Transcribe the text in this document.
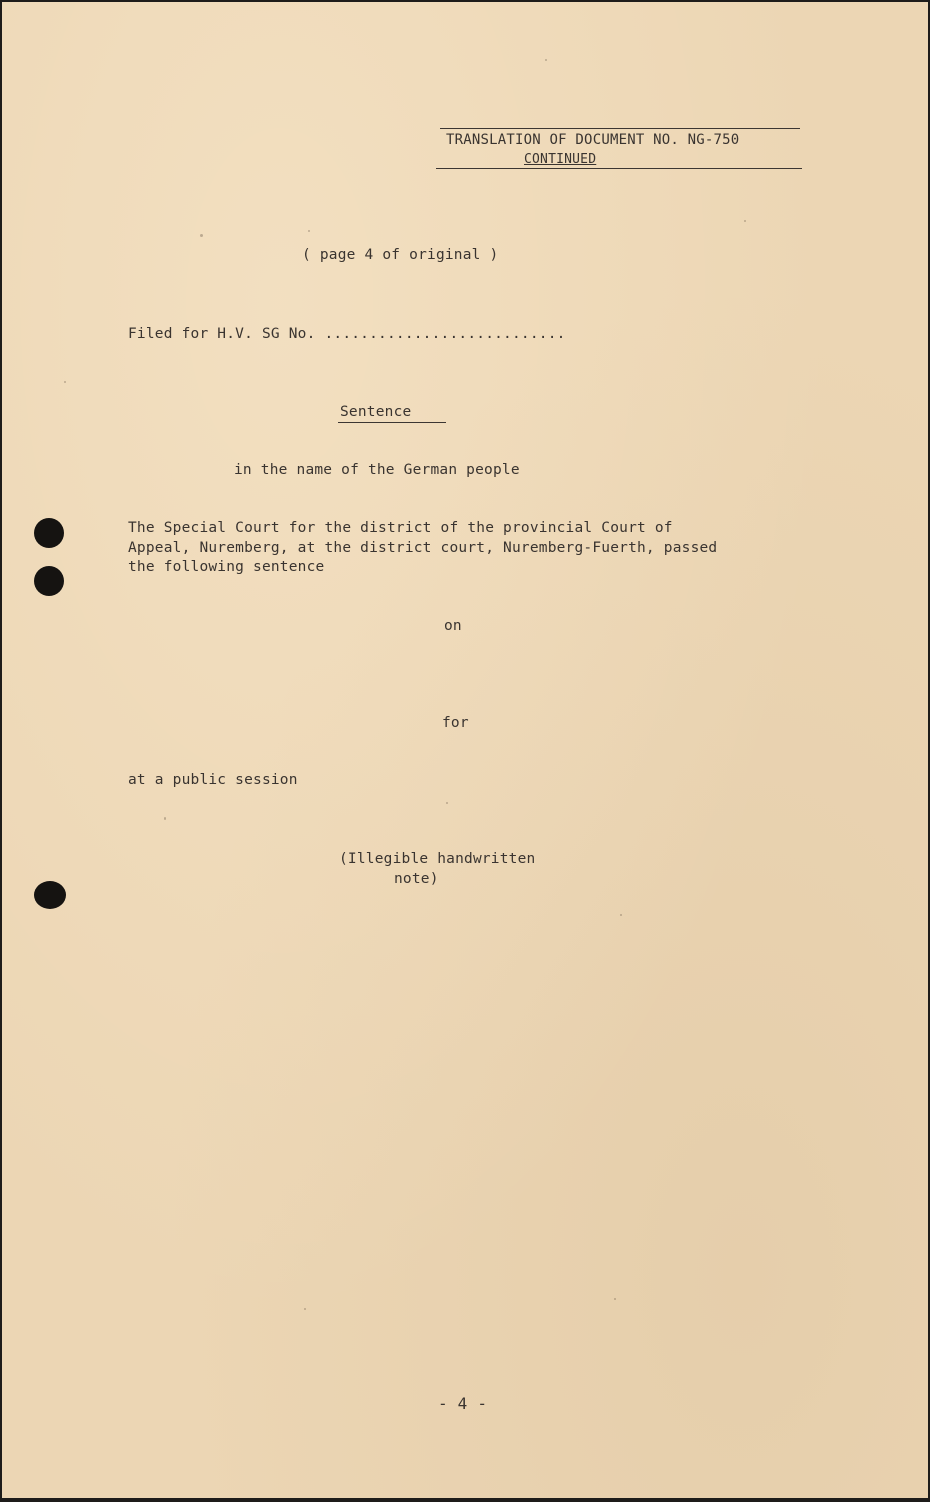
TRANSLATION OF DOCUMENT NO. NG-750
CONTINUED
( page 4 of original )
Filed for H.V. SG No. ...........................
Sentence
in the name of the German people
The Special Court for the district of the provincial Court of
Appeal, Nuremberg, at the district court, Nuremberg-Fuerth, passed
the following sentence
on
for
at a public session
(Illegible handwritten
note)
- 4 -
